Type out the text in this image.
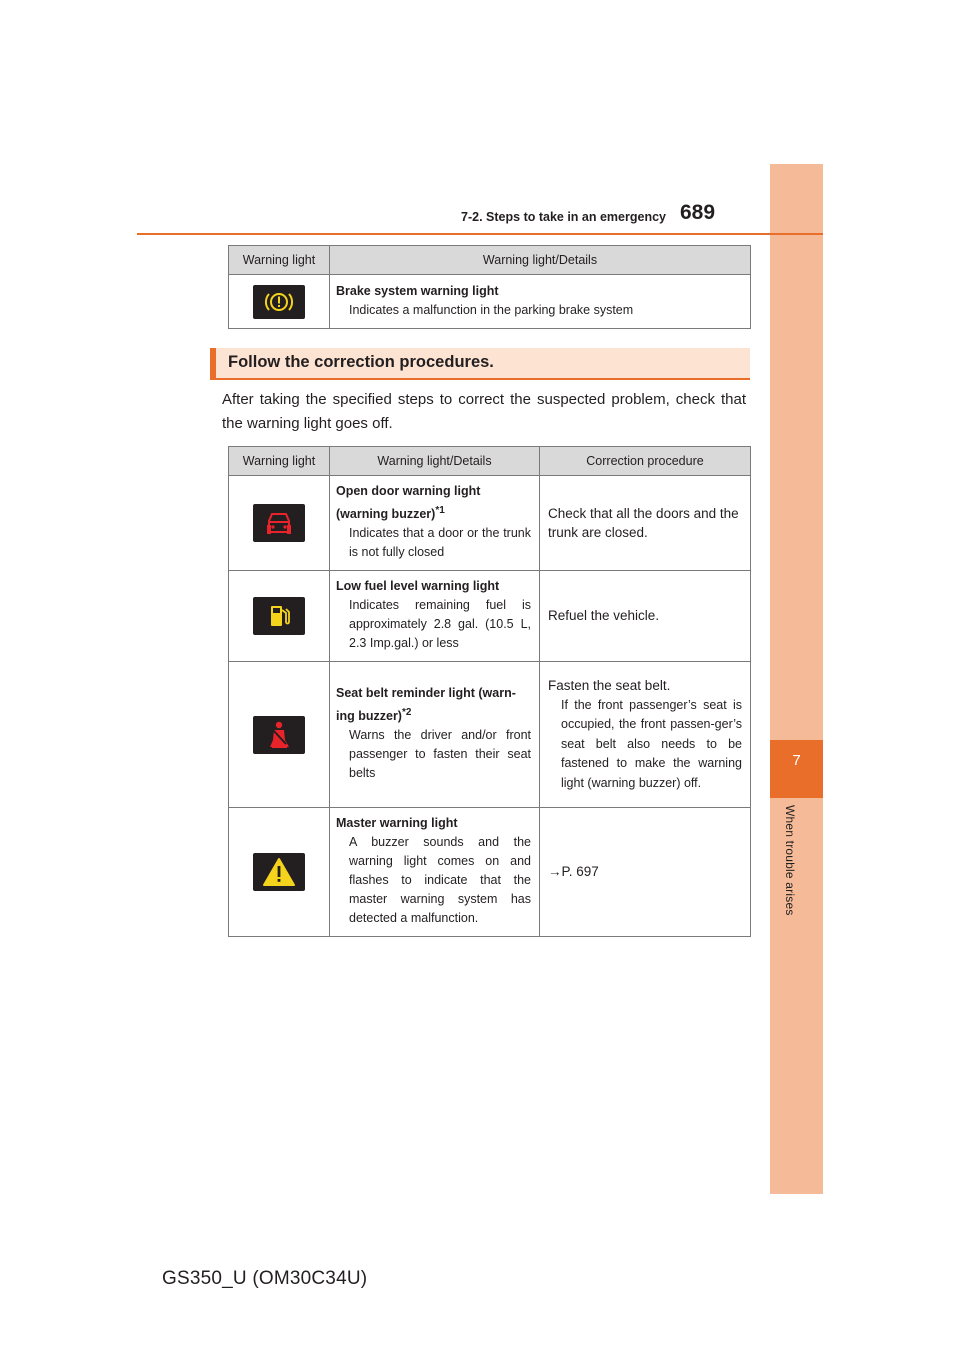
7
When trouble arises
7-2. Steps to take in an emergency 689
Warning light	Warning light/Details

Brake system warning light
Indicates a malfunction in the parking brake system
Follow the correction procedures.
After taking the specified steps to correct the suspected problem, check that the warning light goes off.
Warning light	Warning light/Details	Correction procedure

Open door warning light (warning buzzer)$^{*1}$
Indicates that a door or the trunk is not fully closed	Check that all the doors and the trunk are closed.

Low fuel level warning light
Indicates remaining fuel is approximately 2.8 gal. (10.5 L, 2.3 Imp.gal.) or less	Refuel the vehicle.

Seat belt reminder light (warn-ing buzzer)$^{*2}$
Warns the driver and/or front passenger to fasten their seat belts	Fasten the seat belt.
If the front passenger’s seat is occupied, the front passen-ger’s seat belt also needs to be fastened to make the warning light (warning buzzer) off.

Master warning light
A buzzer sounds and the warning light comes on and flashes to indicate that the master warning system has detected a malfunction.	→P. 697
GS350_U (OM30C34U)
